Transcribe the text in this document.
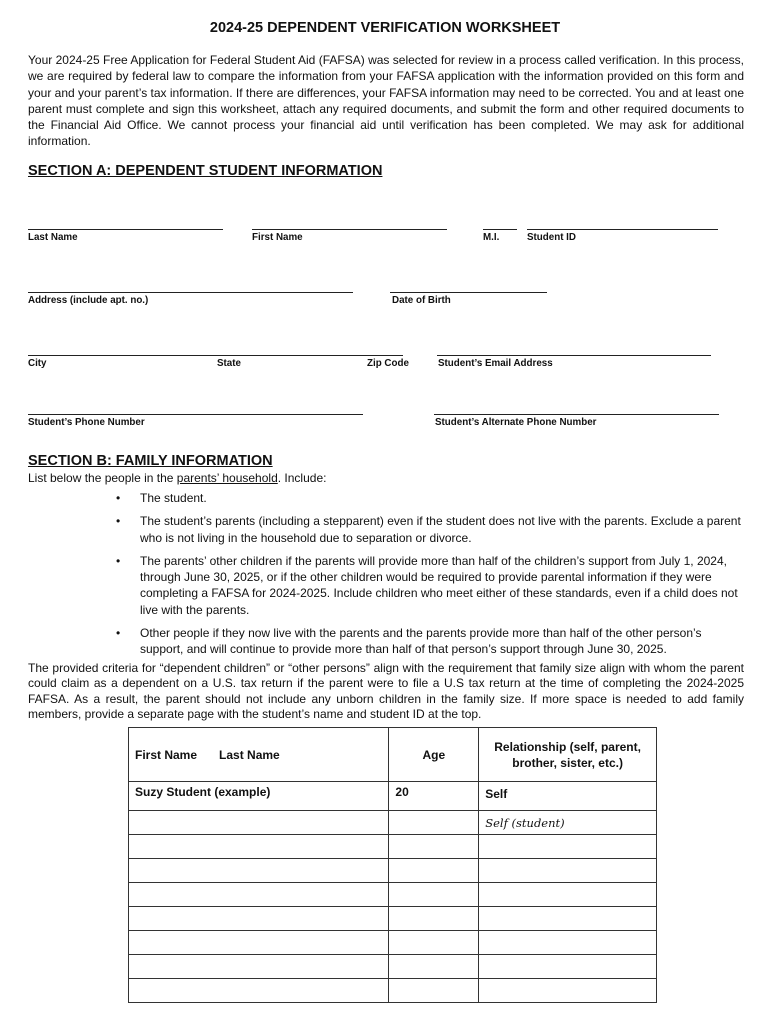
2024-25 DEPENDENT VERIFICATION WORKSHEET
Your 2024-25 Free Application for Federal Student Aid (FAFSA) was selected for review in a process called verification. In this process, we are required by federal law to compare the information from your FAFSA application with the information provided on this form and your and your parent’s tax information. If there are differences, your FAFSA information may need to be corrected. You and at least one parent must complete and sign this worksheet, attach any required documents, and submit the form and other required documents to the Financial Aid Office. We cannot process your financial aid until verification has been completed. We may ask for additional information.
SECTION A: DEPENDENT STUDENT INFORMATION
Last Name	First Name	M.I.	Student ID
Address (include apt. no.)	Date of Birth
City	State	Zip Code	Student’s Email Address
Student’s Phone Number	Student’s Alternate Phone Number
SECTION B: FAMILY INFORMATION
List below the people in the parents’ household. Include:
• The student.
• The student’s parents (including a stepparent) even if the student does not live with the parents. Exclude a parent who is not living in the household due to separation or divorce.
• The parents’ other children if the parents will provide more than half of the children’s support from July 1, 2024, through June 30, 2025, or if the other children would be required to provide parental information if they were completing a FAFSA for 2024-2025. Include children who meet either of these standards, even if a child does not live with the parents.
• Other people if they now live with the parents and the parents provide more than half of the other person’s support, and will continue to provide more than half of that person’s support through June 30, 2025.
The provided criteria for “dependent children” or “other persons” align with the requirement that family size align with whom the parent could claim as a dependent on a U.S. tax return if the parent were to file a U.S tax return at the time of completing the 2024-2025 FAFSA. As a result, the parent should not include any unborn children in the family size. If more space is needed to add family members, provide a separate page with the student’s name and student ID at the top.
First Name Last Name	Age	Relationship (self, parent, brother, sister, etc.)
Suzy Student (example)	20	Self
		Self (student)
